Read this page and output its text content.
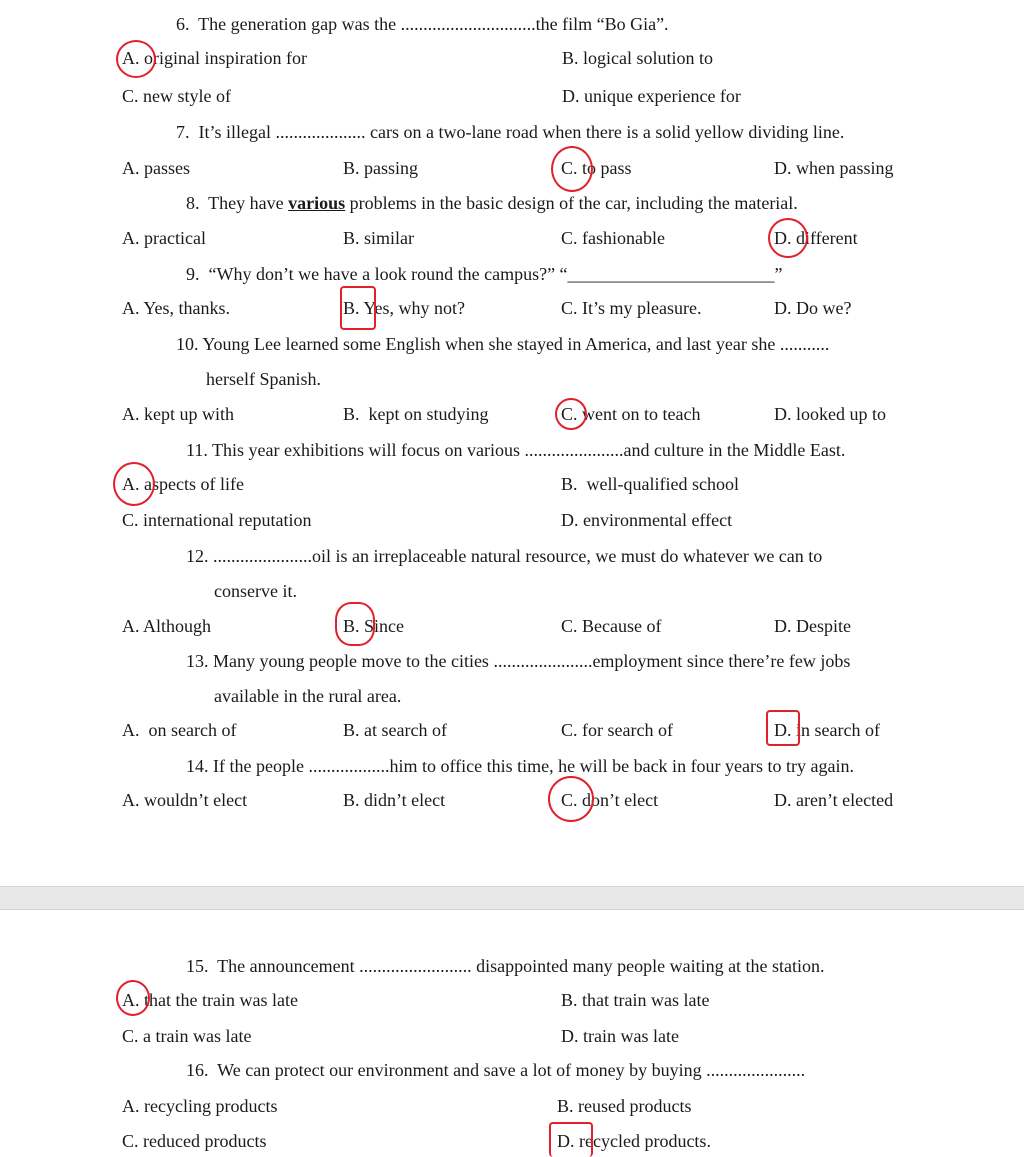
6.  The generation gap was the ..............................the film “Bo Gia”.
A. original inspiration for	B. logical solution to
C. new style of	D. unique experience for
7.  It’s illegal .................... cars on a two-lane road when there is a solid yellow dividing line.
A. passes	B. passing	C. to pass	D. when passing
8.  They have various problems in the basic design of the car, including the material.
A. practical	B. similar	C. fashionable	D. different
9.  “Why don’t we have a look round the campus?” “_______________________”
A. Yes, thanks.	B. Yes, why not?	C. It’s my pleasure.	D. Do we?
10. Young Lee learned some English when she stayed in America, and last year she ...........
herself Spanish.
A. kept up with	B.  kept on studying	C. went on to teach	D. looked up to
11. This year exhibitions will focus on various ......................and culture in the Middle East.
A. aspects of life	B.  well-qualified school
C. international reputation	D. environmental effect
12. ......................oil is an irreplaceable natural resource, we must do whatever we can to
conserve it.
A. Although	B. Since	C. Because of	D. Despite
13. Many young people move to the cities ......................employment since there’re few jobs
available in the rural area.
A.  on search of	B. at search of	C. for search of	D. in search of
14. If the people ..................him to office this time, he will be back in four years to try again.
A. wouldn’t elect	B. didn’t elect	C. don’t elect	D. aren’t elected
15.  The announcement ......................... disappointed many people waiting at the station.
A. that the train was late	B. that train was late
C. a train was late	D. train was late
16.  We can protect our environment and save a lot of money by buying ......................
A. recycling products	B. reused products
C. reduced products	D. recycled products.
